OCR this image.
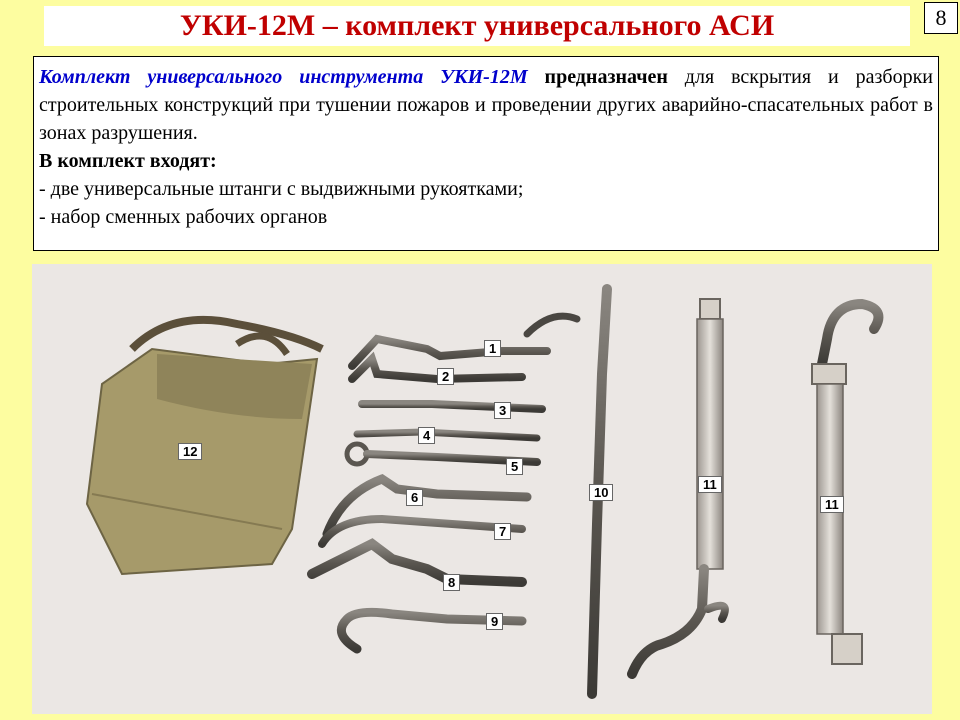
УКИ-12М – комплект универсального АСИ	8

Комплект универсального инструмента УКИ-12М предназначен для вскрытия и разборки строительных конструкций при тушении пожаров и проведении других аварийно-спасательных работ в зонах разрушения.

В комплект входят:

- две универсальные штанги с выдвижными рукоятками;

- набор сменных рабочих органов

1
2
3
4
5
6
7
8
9
10
11
11
12
